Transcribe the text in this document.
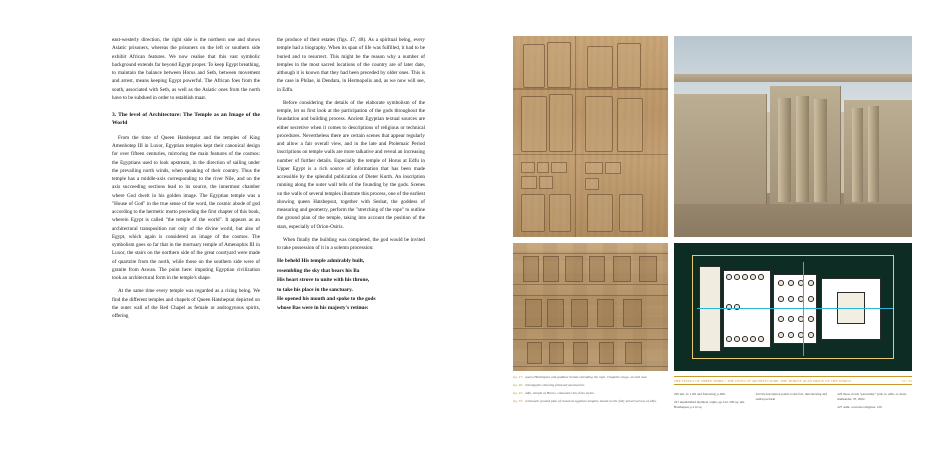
east-westerly direction, the right side is the northern one and shows Asiatic prisoners, whereas the prisoners on the left or southern side exhibit African features. We now realise that this vast symbolic background extends far beyond Egypt proper. To keep Egypt breathing, to maintain the balance between Horus and Seth, between movement and arrest, means keeping Egypt powerful. The African foes from the south, associated with Seth, as well as the Asiatic ones from the north have to be subdued in order to establish maat.

3. The level of Architecture: The Temple as an Image of the World

From the time of Queen Hatshepsut and the temples of King Amenhotep III in Luxor, Egyptian temples kept their canonical design for over fifteen centuries, mirroring the main features of the cosmos: the Egyptians used to look upstream, in the direction of sailing under the prevailing north winds, when speaking of their country. Thus the temple has a middle-axis corresponding to the river Nile, and on the axis succeeding sections lead to its source, the innermost chamber where God dwelt in his golden image. The Egyptian temple was a "House of God" in the true sense of the word, the cosmic abode of god according to the hermetic motto preceding the first chapter of this book, wherein Egypt is called "the temple of the world". It appears as an architectural transposition not only of the divine world, but also of Egypt, which again is considered an image of the cosmos. The symbolism goes so far that in the mortuary temple of Amenophis III in Luxor, the stairs on the northern side of the great courtyard were made of quartzite from the north, while those on the southern side were of granite from Aswan. The point here: imputing Egyptian civilization took an architectural form in the temple's shape.

At the same time every temple was regarded as a rising being. We find the different temples and chapels of Queen Hatshepsut depicted on the outer wall of the Red Chapel as female or androgynous spirits, offering

the produce of their estates (figs. 47, 48). As a spiritual being, every temple had a biography. When its span of life was fulfilled, it had to be buried and to resurrect. This might be the reason why a number of temples in the most sacred locations of the country are of later date, although it is known that they had been preceded by older ones. This is the case in Philae, in Dendara, in Hermopolis and, as we now will see, in Edfu.

Before considering the details of the elaborate symbolism of the temple, let us first look at the participation of the gods throughout the foundation and building process. Ancient Egyptian textual sources are either secretive when it comes to descriptions of religious or technical procedures. Nevertheless there are certain scenes that appear regularly and allow a fair overall view, and in the late and Ptolemaic Period inscriptions on temple walls are more talkative and reveal an increasing number of further details. Especially the temple of Horus at Edfu in Upper Egypt is a rich source of information that has been made accessible by the splendid publication of Dieter Kurth. An inscription running along the outer wall tells of the founding by the gods. Scenes on the walls of several temples illustrate this process, one of the earliest showing queen Hatshepsut, together with Seshat, the goddess of measuring and geometry, perform the "stretching of the rope" to outline the ground plan of the temple, taking into account the position of the stars, especially of Orion-Osiris.

When finally the building was completed, the god would be invited to take possession of it in a solemn procession:

He beheld His temple admirably built,
resembling the sky that bears his Ba
His heart strove to unite with his throne,
to take his place in the sanctuary.
He opened his mouth and spoke to the gods
whose Bas were in his majesty's retinue:
fig. 47: queen Hatshepsut and goddess Seshat extending the rope. Chapelle rouge, second case
fig. 48: hieroglyphs showing prisoned sanctuaries.
fig. 49: edfu, temple of Horus, cutaward view from stylus.
fig. 50: schematic ground plan of classical egyptian temples, based on the fully preserved one of edfu.
THE LEVELS OF THREE TEMPL | THE LEVEL OF ARCHITECTURE: THE TEMPLE AS AN IMAGE OF THE WORLD	52 | 53

220 urk. iv, 1181 and following; p.200.

221 unpublished mythical origin, pp.122, 200 sq; urk. Hatshepsut, p.112 sq.

222 the inscription points to the fact, that the king and seshat perform

223 those words "personally" (urk. iv, edfu, sr, maar, mefkandet, 70, 200d

227 asmr, conceive religious, 120
